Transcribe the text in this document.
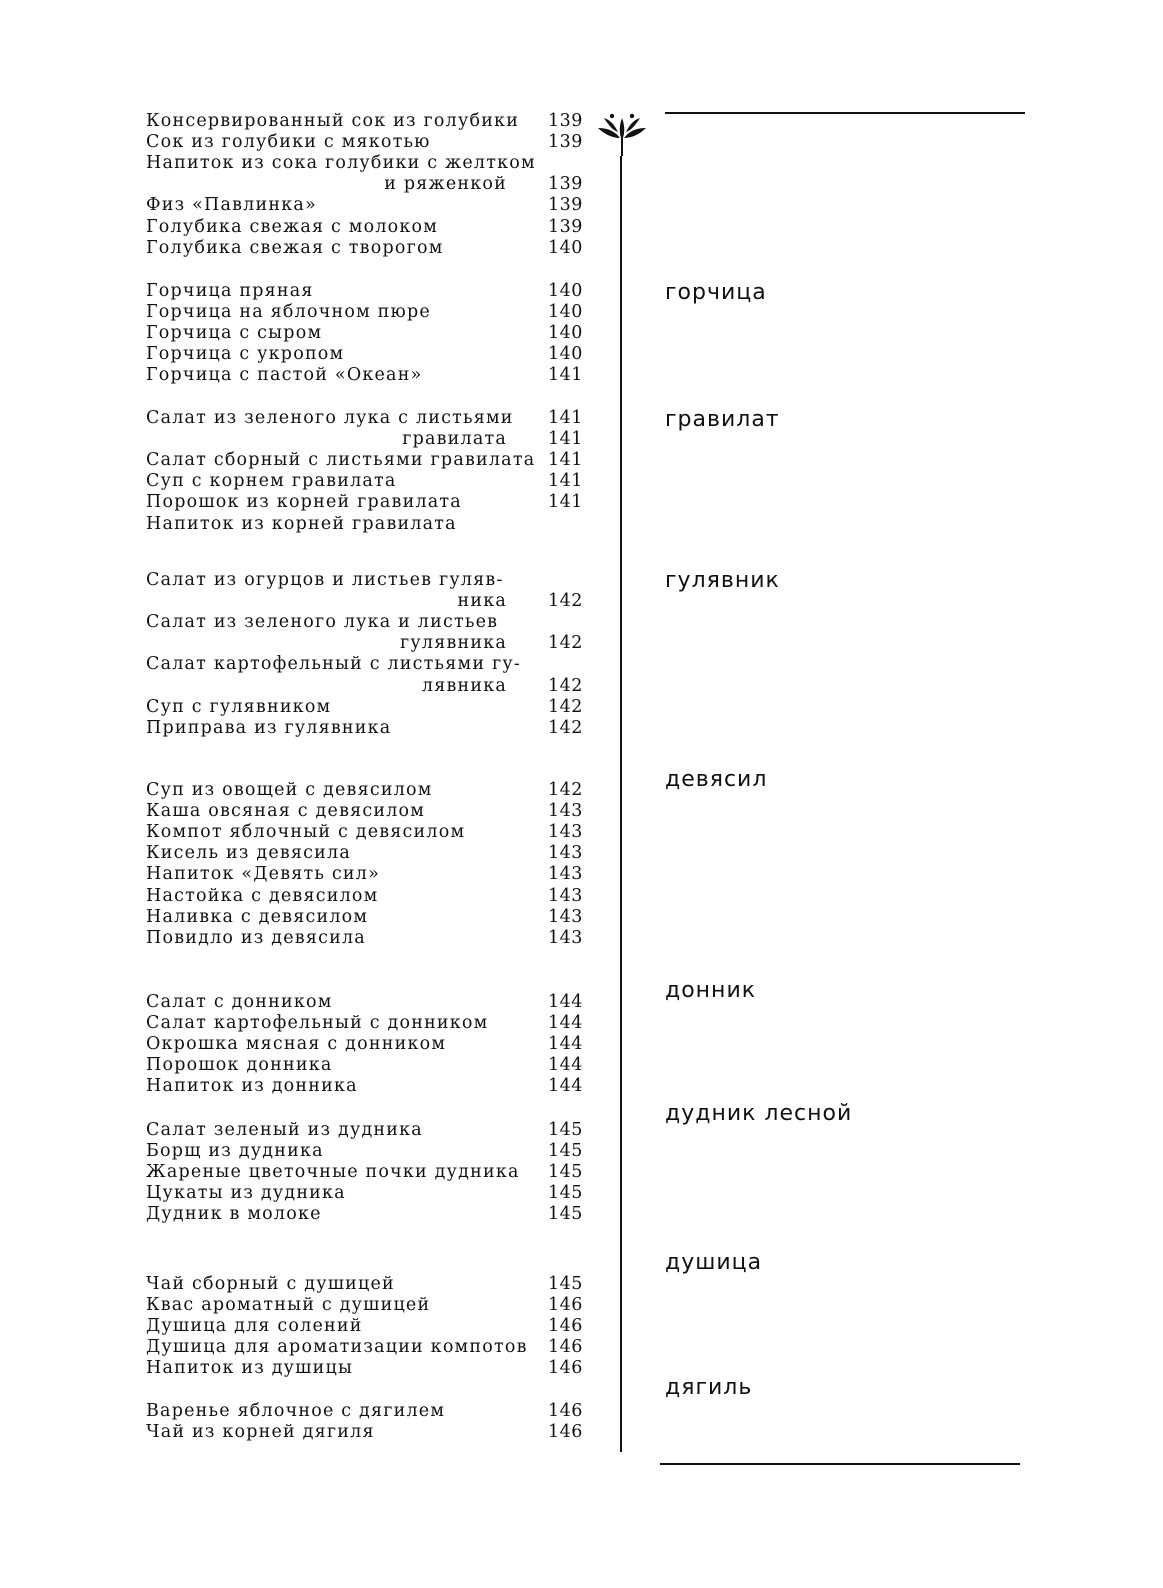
Консервированный сок из голубики 139
Сок из голубики с мякотью	139
Напиток из сока голубики с желтком
и ряженкой 139
Физ «Павлинка»	139
Голубика свежая с молоком	139
Голубика свежая с творогом	140
горчица
Горчица пряная	140
Горчица на яблочном пюре	140
Горчица с сыром	140
Горчица с укропом	140
Горчица с пастой «Океан»	141
гравилат
Салат из зеленого лука с листьями 141
гравилата 141
Салат сборный с листьями гравилата 141
Суп с корнем гравилата	141
Порошок из корней гравилата	141
Напиток из корней гравилата
гулявник
Салат из огурцов и листьев гуляв-
ника 142
Салат из зеленого лука и листьев
гулявника 142
Салат картофельный с листьями гу-
лявника 142
Суп с гулявником	142
Приправа из гулявника	142
девясил
Суп из овощей с девясилом	142
Каша овсяная с девясилом	143
Компот яблочный с девясилом	143
Кисель из девясила	143
Напиток «Девять сил»	143
Настойка с девясилом	143
Наливка с девясилом	143
Повидло из девясила	143
донник
Салат с донником	144
Салат картофельный с донником	144
Окрошка мясная с донником	144
Порошок донника	144
Напиток из донника	144
дудник лесной
Салат зеленый из дудника	145
Борщ из дудника	145
Жареные цветочные почки дудника 145
Цукаты из дудника	145
Дудник в молоке	145
душица
Чай сборный с душицей	145
Квас ароматный с душицей	146
Душица для солений	146
Душица для ароматизации компотов 146
Напиток из душицы	146
дягиль
Варенье яблочное с дягилем	146
Чай из корней дягиля	146
